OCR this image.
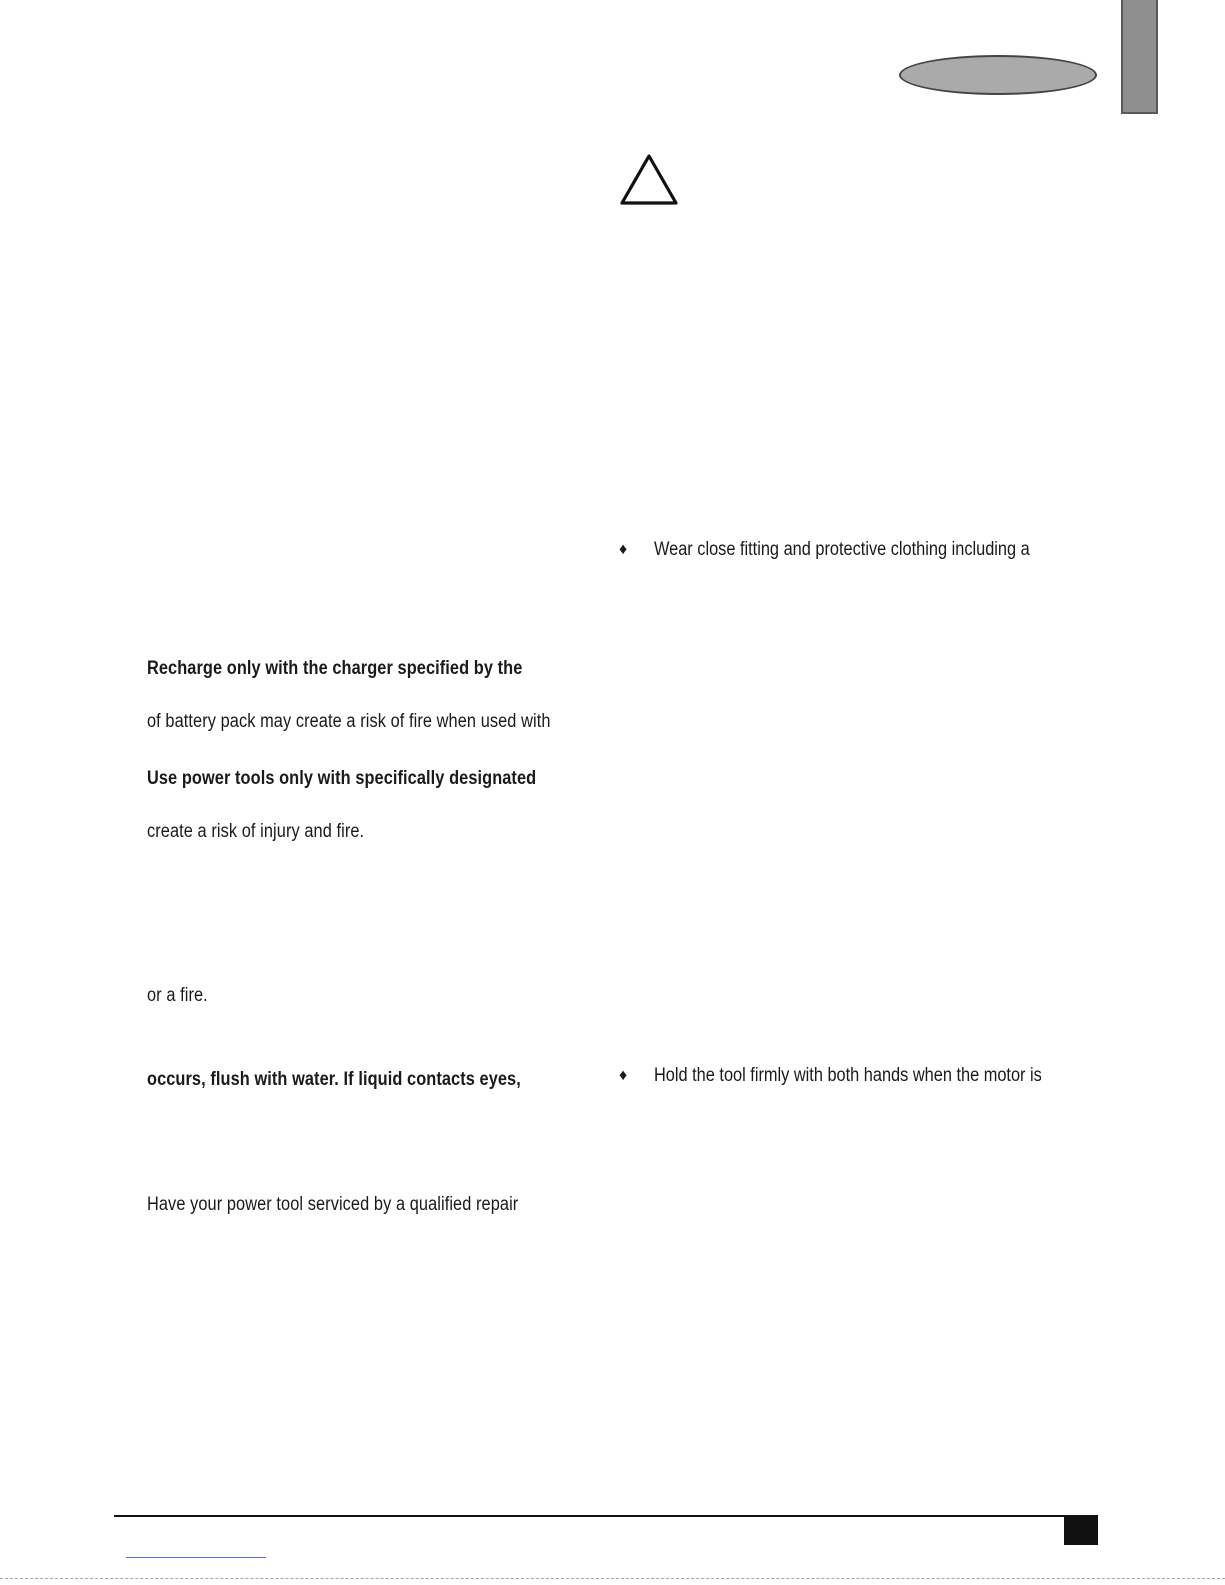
Recharge only with the charger specified by the
of battery pack may create a risk of fire when used with
Use power tools only with specifically designated
create a risk of injury and fire.
or a fire.
occurs, flush with water. If liquid contacts eyes,
Have your power tool serviced by a qualified repair
♦ Wear close fitting and protective clothing including a
♦ Hold the tool firmly with both hands when the motor is
